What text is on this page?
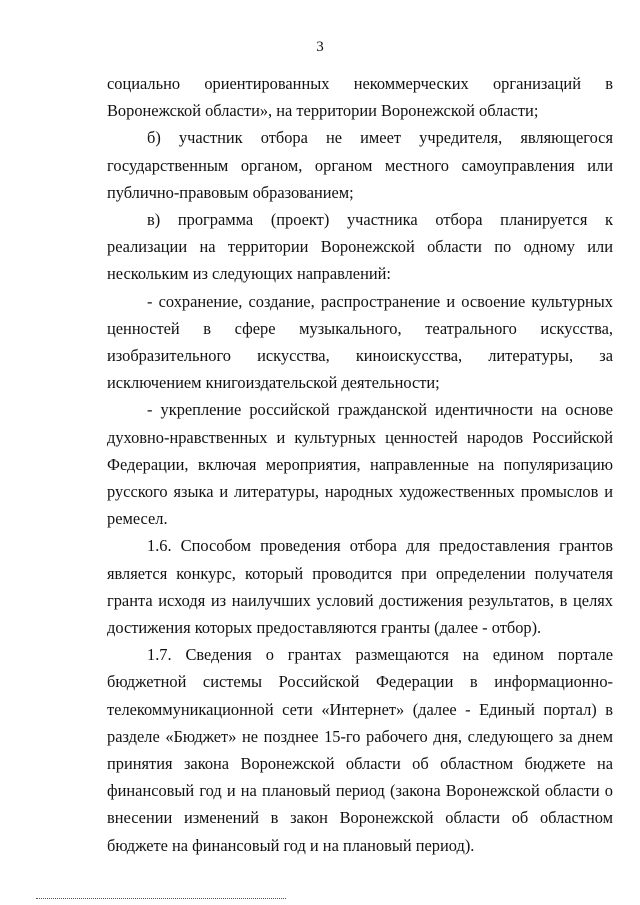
3

социально ориентированных некоммерческих организаций в Воронежской области», на территории Воронежской области;

б) участник отбора не имеет учредителя, являющегося государственным органом, органом местного самоуправления или публично-правовым образованием;

в) программа (проект) участника отбора планируется к реализации на территории Воронежской области по одному или нескольким из следующих направлений:

- сохранение, создание, распространение и освоение культурных ценностей в сфере музыкального, театрального искусства, изобразительного искусства, киноискусства, литературы, за исключением книгоиздательской деятельности;

- укрепление российской гражданской идентичности на основе духовно-нравственных и культурных ценностей народов Российской Федерации, включая мероприятия, направленные на популяризацию русского языка и литературы, народных художественных промыслов и ремесел.

1.6. Способом проведения отбора для предоставления грантов является конкурс, который проводится при определении получателя гранта исходя из наилучших условий достижения результатов, в целях достижения которых предоставляются гранты (далее - отбор).

1.7. Сведения о грантах размещаются на едином портале бюджетной системы Российской Федерации в информационно-телекоммуникационной сети «Интернет» (далее - Единый портал) в разделе «Бюджет» не позднее 15-го рабочего дня, следующего за днем принятия закона Воронежской области об областном бюджете на финансовый год и на плановый период (закона Воронежской области о внесении изменений в закон Воронежской области об областном бюджете на финансовый год и на плановый период).
